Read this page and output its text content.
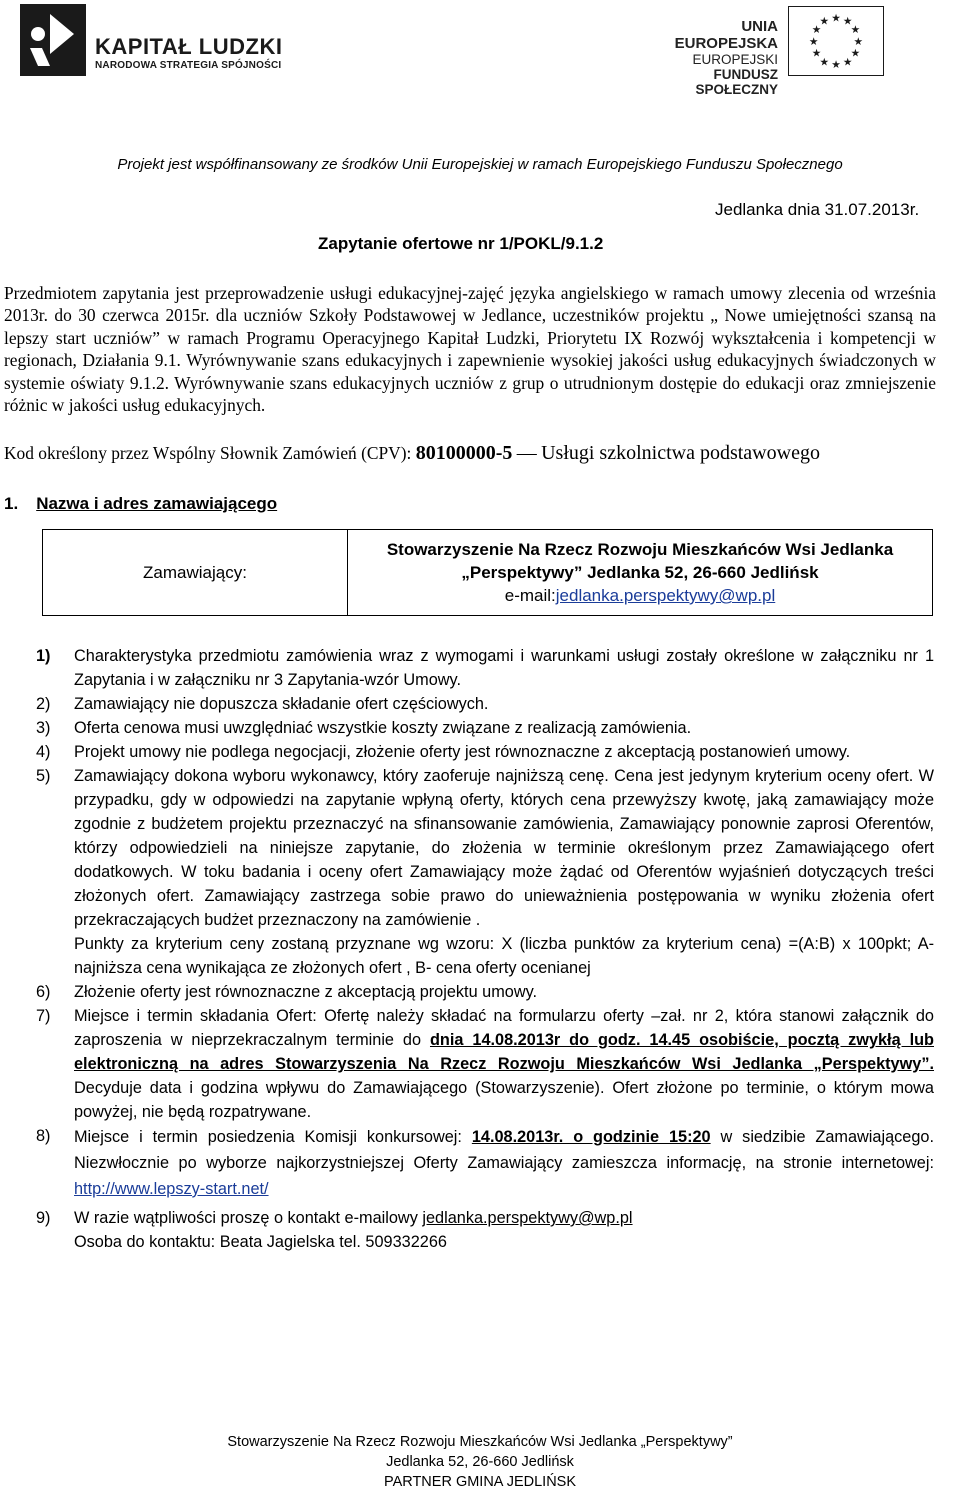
KAPITAŁ LUDZKI
NARODOWA STRATEGIA SPÓJNOŚCI
UNIA EUROPEJSKA
EUROPEJSKI
FUNDUSZ SPOŁECZNY
★ ★
★
★
★
★
★
★
★
★
★
★
Projekt jest współfinansowany ze środków Unii Europejskiej w ramach Europejskiego Funduszu Społecznego
Jedlanka dnia 31.07.2013r.
Zapytanie ofertowe nr 1/POKL/9.1.2

Przedmiotem zapytania jest przeprowadzenie usługi edukacyjnej-zajęć języka angielskiego w ramach umowy zlecenia od września 2013r. do 30 czerwca 2015r. dla uczniów Szkoły Podstawowej w Jedlance, uczestników projektu „ Nowe umiejętności szansą na lepszy start uczniów” w ramach Programu Operacyjnego Kapitał Ludzki, Priorytetu IX Rozwój wykształcenia i kompetencji w regionach, Działania 9.1. Wyrównywanie szans edukacyjnych i zapewnienie wysokiej jakości usług edukacyjnych świadczonych w systemie oświaty 9.1.2. Wyrównywanie szans edukacyjnych uczniów z grup o utrudnionym dostępie do edukacji oraz zmniejszenie różnic w jakości usług edukacyjnych.

Kod określony przez Wspólny Słownik Zamówień (CPV): 80100000-5 — Usługi szkolnictwa podstawowego
1. Nazwa i adres zamawiającego
Zamawiający:	
Stowarzyszenie Na Rzecz Rozwoju Mieszkańców Wsi Jedlanka
„Perspektywy” Jedlanka 52, 26-660 Jedlińsk
e-mail:jedlanka.perspektywy@wp.pl
1) Charakterystyka przedmiotu zamówienia wraz z wymogami i warunkami usługi zostały określone w załączniku nr 1 Zapytania i w załączniku nr 3 Zapytania-wzór Umowy.

2) Zamawiający nie dopuszcza składanie ofert częściowych.

3) Oferta cenowa musi uwzględniać wszystkie koszty związane z realizacją zamówienia.

4) Projekt umowy nie podlega negocjacji, złożenie oferty jest równoznaczne z akceptacją postanowień umowy.

5) Zamawiający dokona wyboru wykonawcy, który zaoferuje najniższą cenę. Cena jest jedynym kryterium oceny ofert. W przypadku, gdy w odpowiedzi na zapytanie wpłyną oferty, których cena przewyższy kwotę, jaką zamawiający może zgodnie z budżetem projektu przeznaczyć na sfinansowanie zamówienia, Zamawiający ponownie zaprosi Oferentów, którzy odpowiedzieli na niniejsze zapytanie, do złożenia w terminie określonym przez Zamawiającego ofert dodatkowych. W toku badania i oceny ofert Zamawiający może żądać od Oferentów wyjaśnień dotyczących treści złożonych ofert. Zamawiający zastrzega sobie prawo do unieważnienia postępowania w wyniku złożenia ofert przekraczających budżet przeznaczony na zamówienie .

Punkty za kryterium ceny zostaną przyznane wg wzoru: X (liczba punktów za kryterium cena) =(A:B) x 100pkt; A-najniższa cena wynikająca ze złożonych ofert , B- cena oferty ocenianej

6) Złożenie oferty jest równoznaczne z akceptacją projektu umowy.

7) Miejsce i termin składania Ofert: Ofertę należy składać na formularzu oferty –zał. nr 2, która stanowi załącznik do zaproszenia w nieprzekraczalnym terminie do dnia 14.08.2013r do godz. 14.45 osobiście, pocztą zwykłą lub elektroniczną na adres Stowarzyszenia Na Rzecz Rozwoju Mieszkańców Wsi Jedlanka „Perspektywy”. Decyduje data i godzina wpływu do Zamawiającego (Stowarzyszenie). Ofert złożone po terminie, o którym mowa powyżej, nie będą rozpatrywane.

8) Miejsce i termin posiedzenia Komisji konkursowej: 14.08.2013r. o godzinie 15:20 w siedzibie Zamawiającego. Niezwłocznie po wyborze najkorzystniejszej Oferty Zamawiający zamieszcza informację, na stronie internetowej: http://www.lepszy-start.net/

9) W razie wątpliwości proszę o kontakt e-mailowy jedlanka.perspektywy@wp.pl

Osoba do kontaktu: Beata Jagielska tel. 509332266

Stowarzyszenie Na Rzecz Rozwoju Mieszkańców Wsi Jedlanka „Perspektywy”
Jedlanka 52, 26-660 Jedlińsk
PARTNER GMINA JEDLIŃSK
